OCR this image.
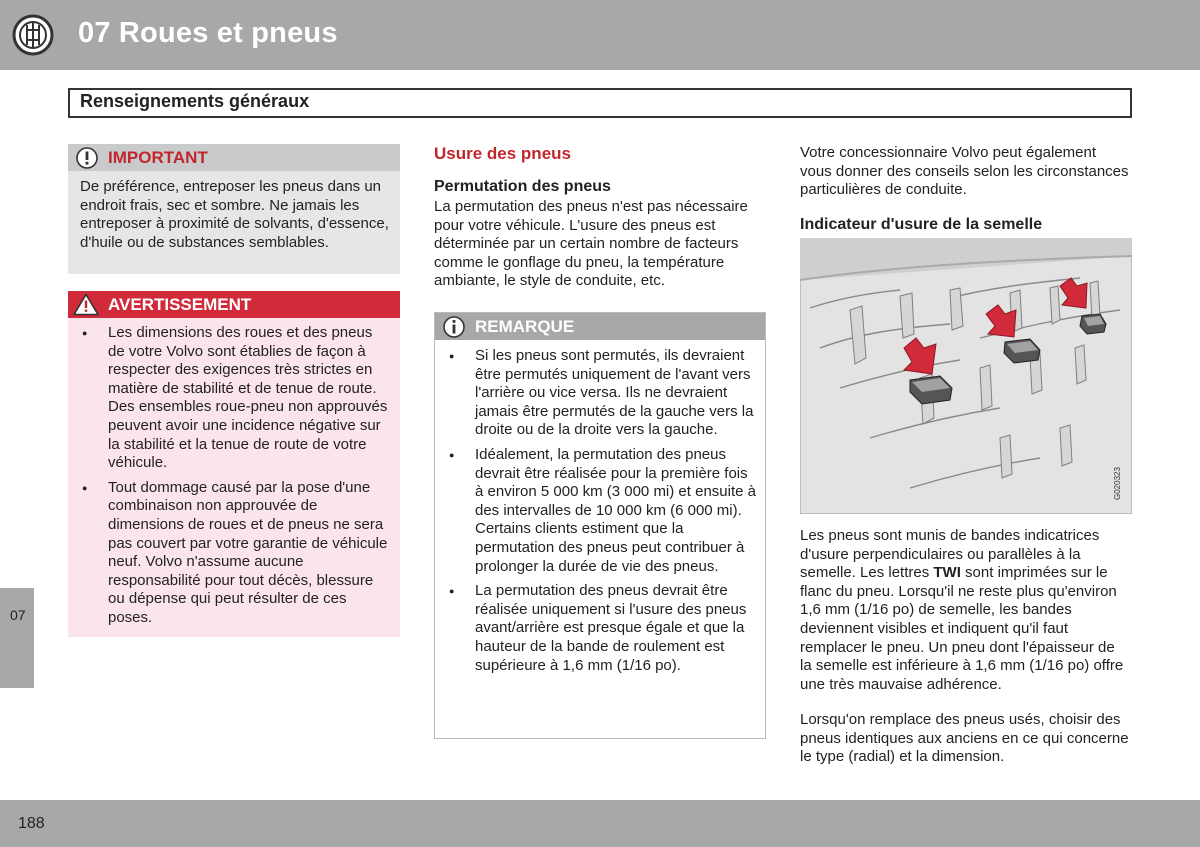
07 Roues et pneus
Renseignements généraux
07
IMPORTANT
De préférence, entreposer les pneus dans un endroit frais, sec et sombre. Ne jamais les entreposer à proximité de solvants, d'essence, d'huile ou de substances semblables.
AVERTISSEMENT
● Les dimensions des roues et des pneus de votre Volvo sont établies de façon à respecter des exigences très strictes en matière de stabilité et de tenue de route. Des ensembles roue-pneu non approuvés peuvent avoir une incidence négative sur la stabilité et la tenue de route de votre véhicule.
● Tout dommage causé par la pose d'une combinaison non approuvée de dimensions de roues et de pneus ne sera pas couvert par votre garantie de véhicule neuf. Volvo n'assume aucune responsabilité pour tout décès, blessure ou dépense qui peut résulter de ces poses.
Usure des pneus
Permutation des pneus
La permutation des pneus n'est pas nécessaire pour votre véhicule. L'usure des pneus est déterminée par un certain nombre de facteurs comme le gonflage du pneu, la température ambiante, le style de conduite, etc.
REMARQUE
● Si les pneus sont permutés, ils devraient être permutés uniquement de l'avant vers l'arrière ou vice versa. Ils ne devraient jamais être permutés de la gauche vers la droite ou de la droite vers la gauche.
● Idéalement, la permutation des pneus devrait être réalisée pour la première fois à environ 5 000 km (3 000 mi) et ensuite à des intervalles de 10 000 km (6 000 mi). Certains clients estiment que la permutation des pneus peut contribuer à prolonger la durée de vie des pneus.
● La permutation des pneus devrait être réalisée uniquement si l'usure des pneus avant/arrière est presque égale et que la hauteur de la bande de roulement est supérieure à 1,6 mm (1/16 po).
Votre concessionnaire Volvo peut également vous donner des conseils selon les circonstances particulières de conduite.
Indicateur d'usure de la semelle
G020323
Les pneus sont munis de bandes indicatrices d'usure perpendiculaires ou parallèles à la semelle. Les lettres TWI sont imprimées sur le flanc du pneu. Lorsqu'il ne reste plus qu'environ 1,6 mm (1/16 po) de semelle, les bandes deviennent visibles et indiquent qu'il faut remplacer le pneu. Un pneu dont l'épaisseur de la semelle est inférieure à 1,6 mm (1/16 po) offre une très mauvaise adhérence.
Lorsqu'on remplace des pneus usés, choisir des pneus identiques aux anciens en ce qui concerne le type (radial) et la dimension.
188
